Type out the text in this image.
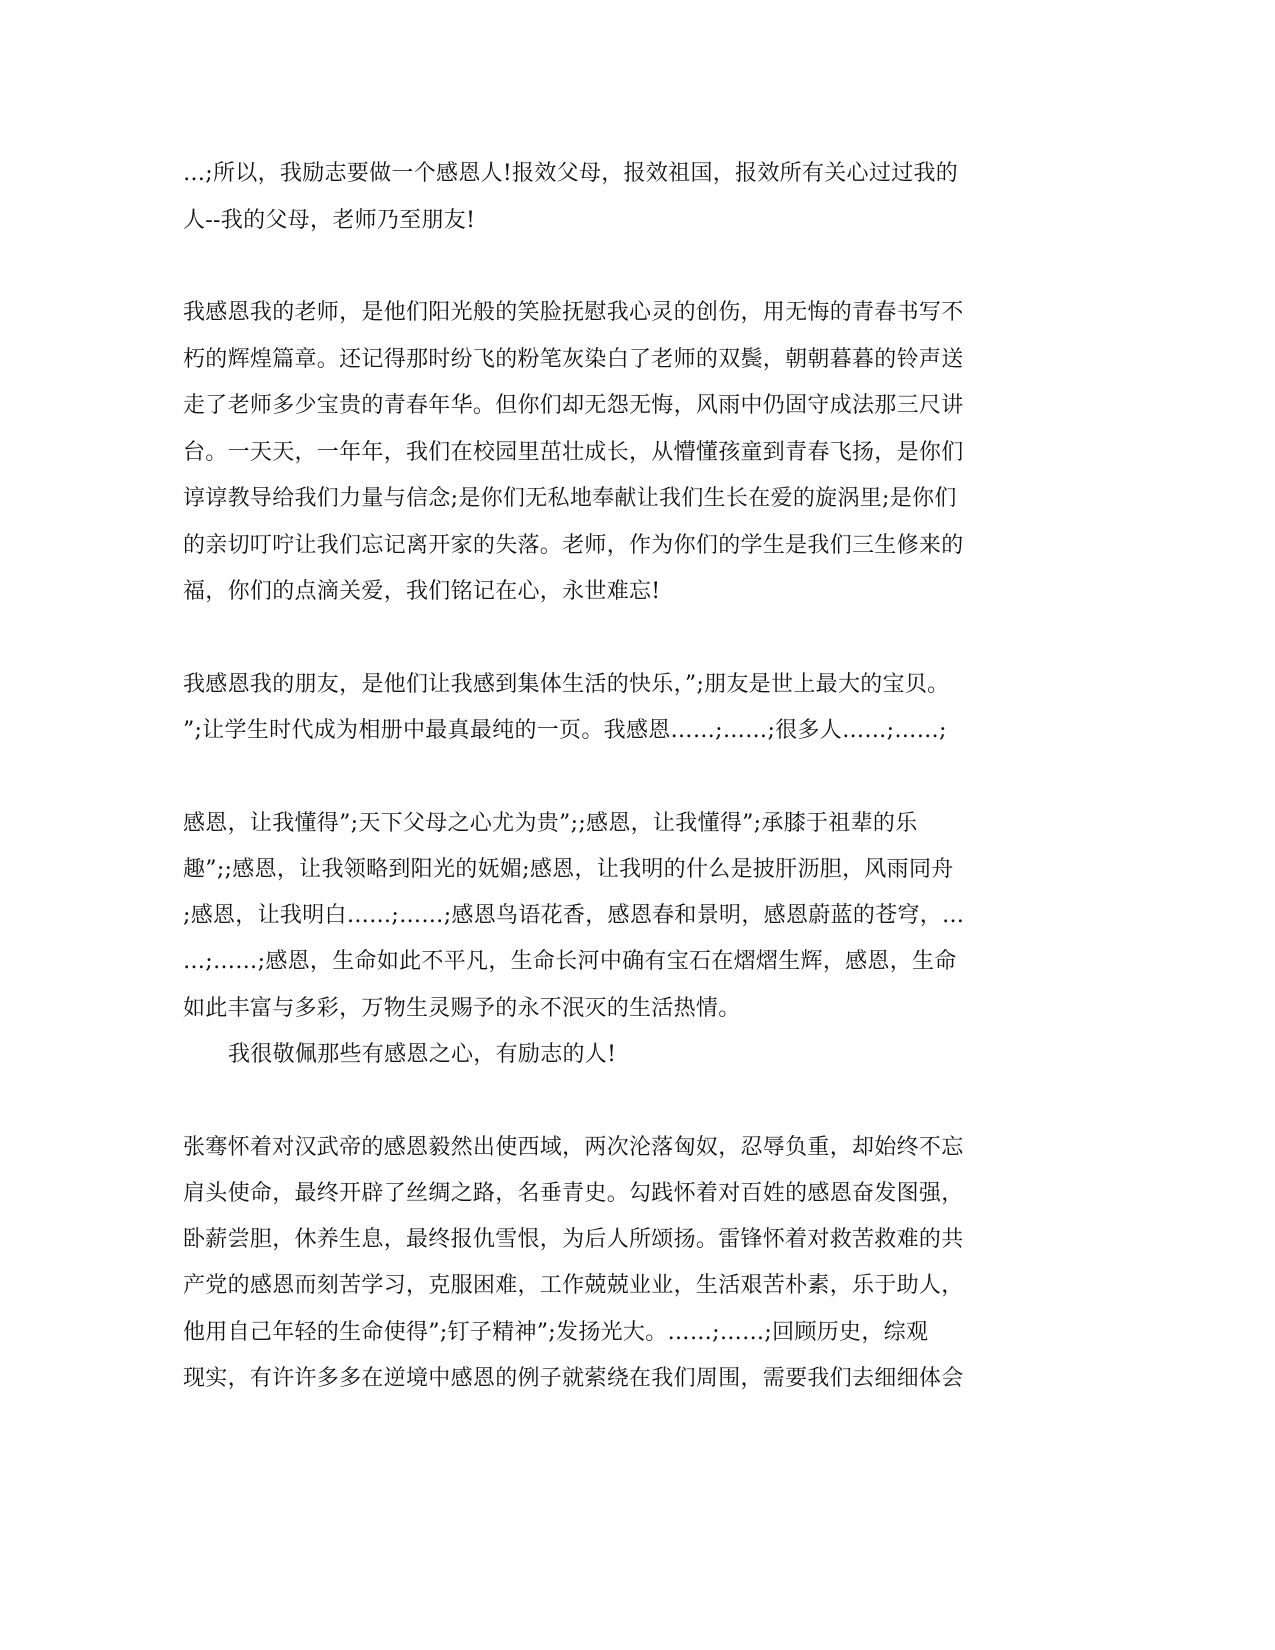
…;所以，我励志要做一个感恩人!报效父母，报效祖国，报效所有关心过过我的

人--我的父母，老师乃至朋友!

我感恩我的老师，是他们阳光般的笑脸抚慰我心灵的创伤，用无悔的青春书写不

朽的辉煌篇章。还记得那时纷飞的粉笔灰染白了老师的双鬓，朝朝暮暮的铃声送

走了老师多少宝贵的青春年华。但你们却无怨无悔，风雨中仍固守成法那三尺讲

台。一天天，一年年，我们在校园里茁壮成长，从懵懂孩童到青春飞扬，是你们

谆谆教导给我们力量与信念;是你们无私地奉献让我们生长在爱的旋涡里;是你们

的亲切叮咛让我们忘记离开家的失落。老师，作为你们的学生是我们三生修来的

福，你们的点滴关爱，我们铭记在心，永世难忘!

我感恩我的朋友，是他们让我感到集体生活的快乐，”;朋友是世上最大的宝贝。

”;让学生时代成为相册中最真最纯的一页。我感恩……;……;很多人……;……;

感恩，让我懂得”;天下父母之心尤为贵”;;感恩，让我懂得”;承膝于祖辈的乐

趣”;;感恩，让我领略到阳光的妩媚;感恩，让我明的什么是披肝沥胆，风雨同舟

;感恩，让我明白……;……;感恩鸟语花香，感恩春和景明，感恩蔚蓝的苍穹，…

…;……;感恩，生命如此不平凡，生命长河中确有宝石在熠熠生辉，感恩，生命

如此丰富与多彩，万物生灵赐予的永不泯灭的生活热情。

我很敬佩那些有感恩之心，有励志的人!

张骞怀着对汉武帝的感恩毅然出使西域，两次沦落匈奴，忍辱负重，却始终不忘

肩头使命，最终开辟了丝绸之路，名垂青史。勾践怀着对百姓的感恩奋发图强，

卧薪尝胆，休养生息，最终报仇雪恨，为后人所颂扬。雷锋怀着对救苦救难的共

产党的感恩而刻苦学习，克服困难，工作兢兢业业，生活艰苦朴素，乐于助人，

他用自己年轻的生命使得”;钉子精神”;发扬光大。……;……;回顾历史，综观

现实，有许许多多在逆境中感恩的例子就萦绕在我们周围，需要我们去细细体会
